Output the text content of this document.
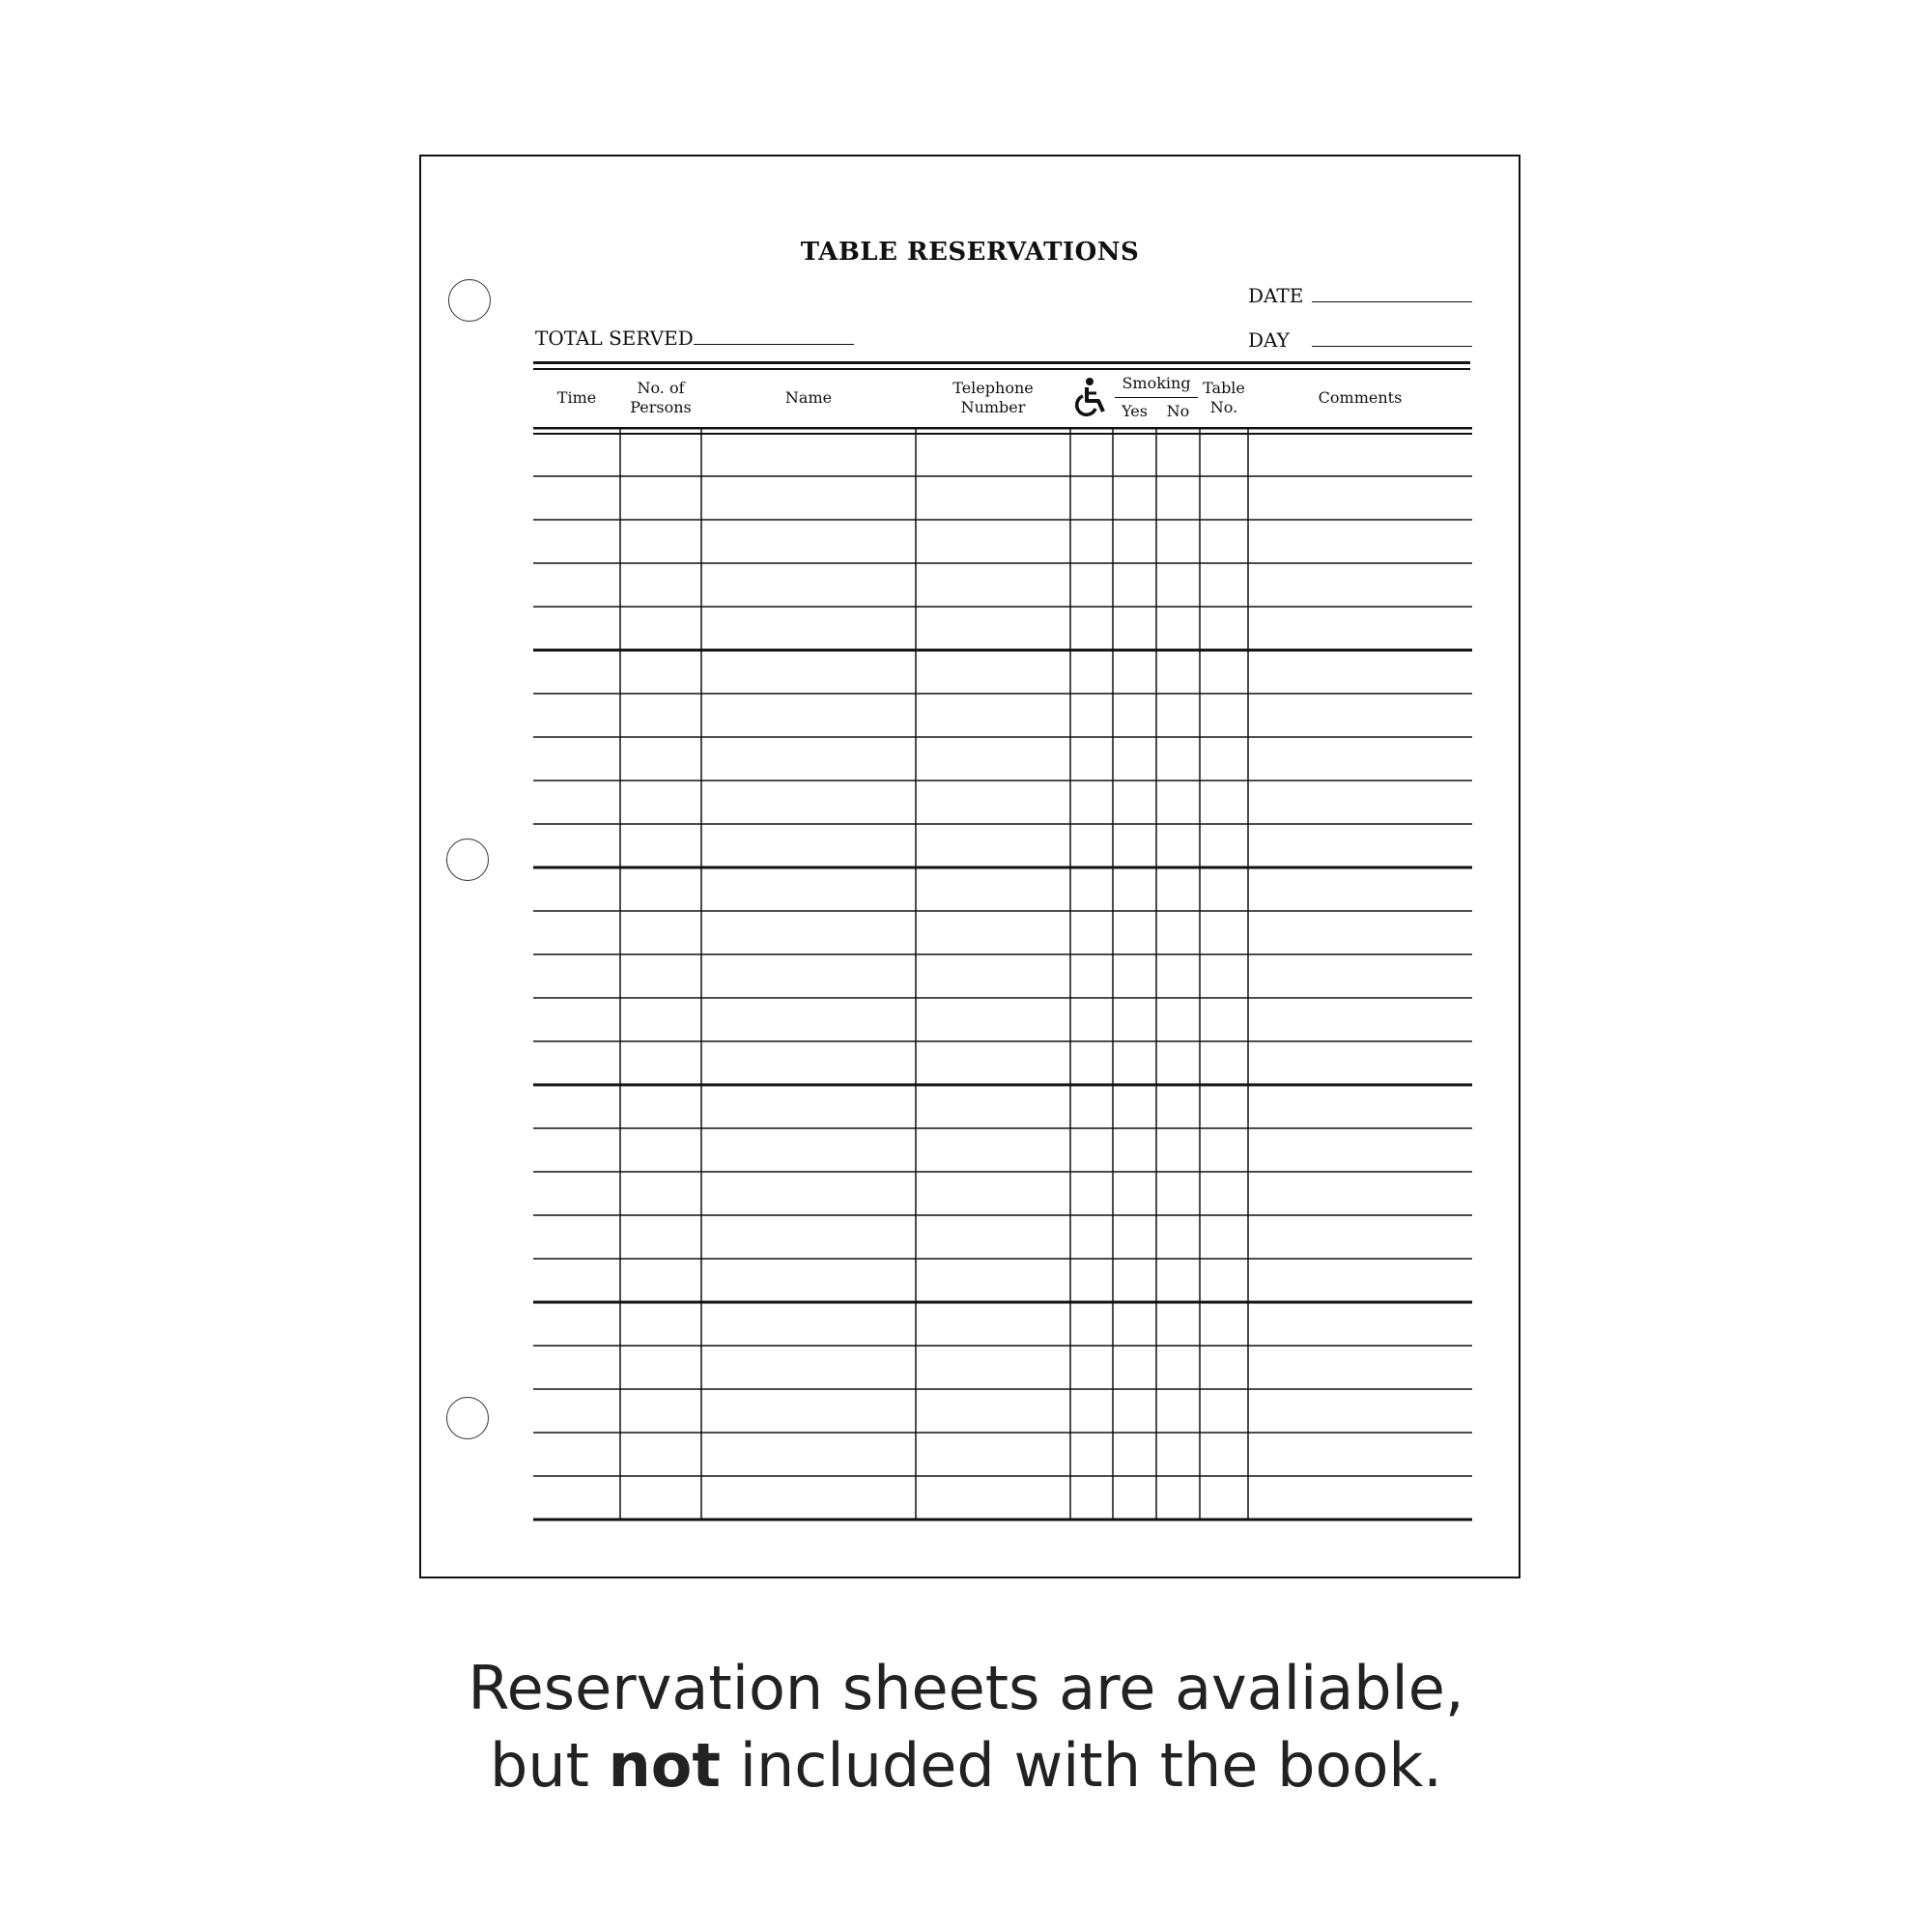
TABLE RESERVATIONS
DATE
TOTAL SERVED	DAY
Time
No. of
Persons
Name
Telephone
Number
Smoking
Yes No
Table
No.
Comments
Reservation sheets are avaliable,
but not included with the book.
